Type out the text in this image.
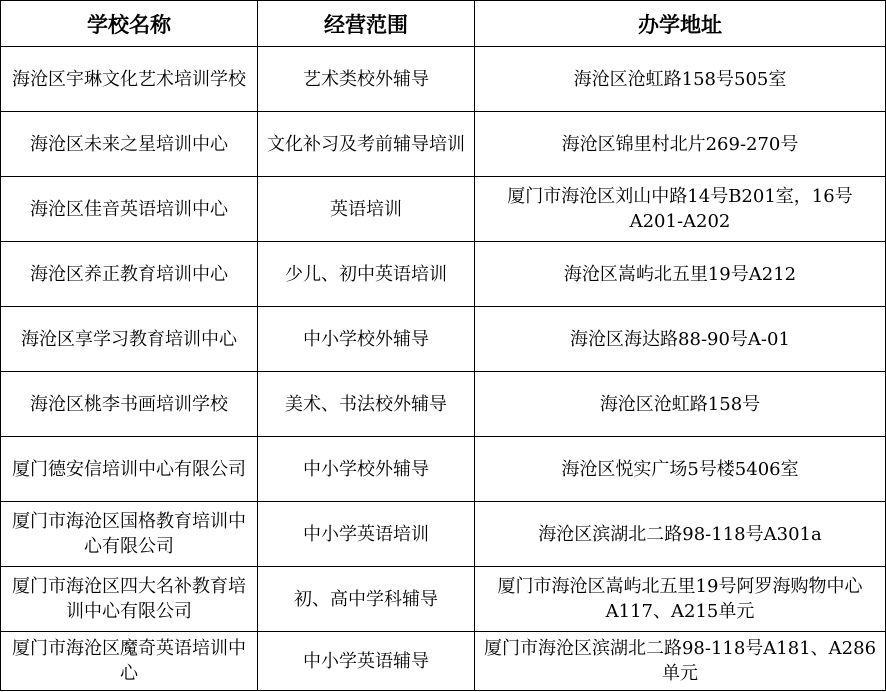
学校名称	经营范围	办学地址
海沧区宇琳文化艺术培训学校	艺术类校外辅导	海沧区沧虹路158号505室
海沧区未来之星培训中心	文化补习及考前辅导培训	海沧区锦里村北片269-270号
海沧区佳音英语培训中心	英语培训	厦门市海沧区刘山中路14号B201室，16号A201-A202
海沧区养正教育培训中心	少儿、初中英语培训	海沧区嵩屿北五里19号A212
海沧区享学习教育培训中心	中小学校外辅导	海沧区海达路88-90号A-01
海沧区桃李书画培训学校	美术、书法校外辅导	海沧区沧虹路158号
厦门德安信培训中心有限公司	中小学校外辅导	海沧区悦实广场5号楼5406室
厦门市海沧区国格教育培训中心有限公司	中小学英语培训	海沧区滨湖北二路98-118号A301a
厦门市海沧区四大名补教育培训中心有限公司	初、高中学科辅导	厦门市海沧区嵩屿北五里19号阿罗海购物中心A117、A215单元
厦门市海沧区魔奇英语培训中心	中小学英语辅导	厦门市海沧区滨湖北二路98-118号A181、A286单元
